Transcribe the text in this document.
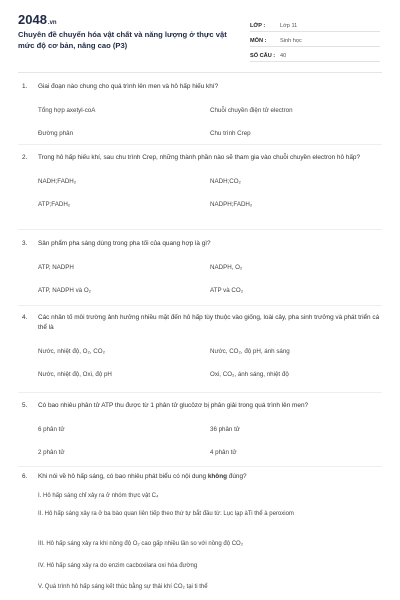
2048.vn
Chuyên đề chuyển hóa vật chất và năng lượng ở thực vật mức độ cơ bản, nâng cao (P3)
LỚP :	Lớp 11
MÔN :	Sinh học
SỐ CÂU : 40
1.	Giai đoạn nào chung cho quá trình lên men và hô hấp hiếu khí?
Tổng hợp axetyl-coA	Chuỗi chuyền điện tử electron
Đường phân	Chu trình Crep
2.	Trong hô hấp hiếu khí, sau chu trình Crep, những thành phần nào sẽ tham gia vào chuỗi chuyền electron hô hấp?
NADH;FADH₂	NADH;CO₂
ATP;FADH₂	NADPH;FADH₂
3.	Sản phẩm pha sáng dùng trong pha tối của quang hợp là gì?
ATP, NADPH	NADPH, O₂
ATP, NADPH và O₂	ATP và CO₂
4.	Các nhân tố môi trường ảnh hưởng nhiều mặt đến hô hấp tùy thuộc vào giống, loài cây, pha sinh trưởng và phát triển cá thể là
Nước, nhiệt độ, O₂, CO₂	Nước, CO₂, độ pH, ánh sáng
Nước, nhiệt độ, Oxi, độ pH	Oxi, CO₂, ánh sáng, nhiệt độ
5.	Có bao nhiêu phân tử ATP thu được từ 1 phân tử glucôzơ bị phân giải trong quá trình lên men?
6 phân tử	36 phân tử
2 phân tử	4 phân tử
6.	Khi nói về hô hấp sáng, có bao nhiêu phát biểu có nội dung không đúng?
I. Hô hấp sáng chỉ xảy ra ở nhóm thực vật C₄
II. Hô hấp sáng xảy ra ở ba bào quan liên tiếp theo thứ tự bắt đầu từ: Lục lạp àTi thể à peroxiom
III. Hô hấp sáng xảy ra khi nồng độ O₂ cao gấp nhiều lần so với nồng độ CO₂
IV. Hô hấp sáng xảy ra do enzim cacboxilara oxi hóa đường
V. Quá trình hô hấp sáng kết thúc bằng sự thải khí CO₂ tại ti thể
